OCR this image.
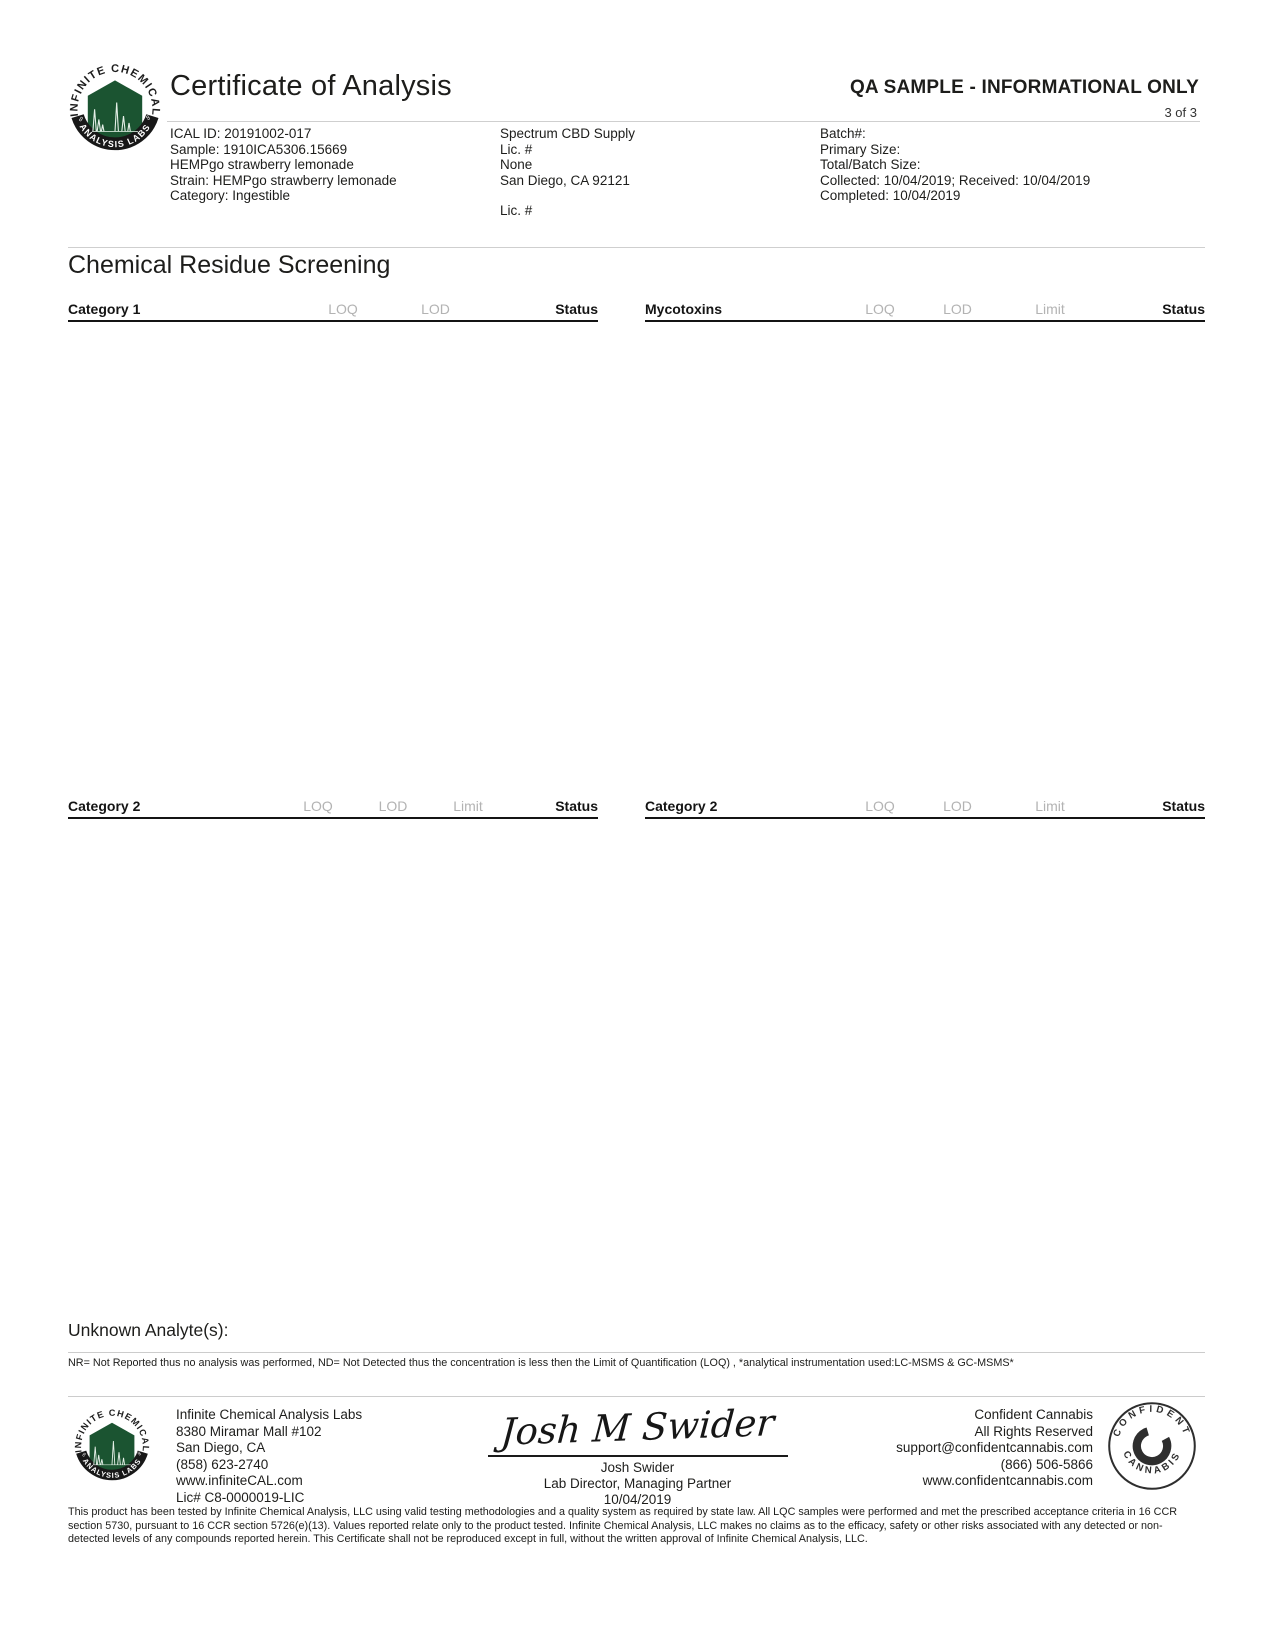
Certificate of Analysis	QA SAMPLE - INFORMATIONAL ONLY
3 of 3
ICAL ID: 20191002-017
Sample: 1910ICA5306.15669
HEMPgo strawberry lemonade
Strain: HEMPgo strawberry lemonade
Category: Ingestible
Spectrum CBD Supply
Lic. #
None
San Diego, CA 92121
Lic. #
Batch#:
Primary Size:
Total/Batch Size:
Collected: 10/04/2019; Received: 10/04/2019
Completed: 10/04/2019
Chemical Residue Screening
Category 1	LOQ	LOD	Status	Mycotoxins	LOQ	LOD	Limit	Status
Category 2	LOQ	LOD	Limit	Status	Category 2	LOQ	LOD	Limit	Status
Unknown Analyte(s):
NR= Not Reported thus no analysis was performed, ND= Not Detected thus the concentration is less then the Limit of Quantification (LOQ) , *analytical instrumentation used:LC-MSMS & GC-MSMS*
Infinite Chemical Analysis Labs
8380 Miramar Mall #102
San Diego, CA
(858) 623-2740
www.infiniteCAL.com
Lic# C8-0000019-LIC
Josh M Swider
Josh Swider
Lab Director, Managing Partner
10/04/2019
Confident Cannabis
All Rights Reserved
support@confidentcannabis.com
(866) 506-5866
www.confidentcannabis.com
This product has been tested by Infinite Chemical Analysis, LLC using valid testing methodologies and a quality system as required by state law. All LQC samples were performed and met the prescribed acceptance criteria in 16 CCR section 5730, pursuant to 16 CCR section 5726(e)(13). Values reported relate only to the product tested. Infinite Chemical Analysis, LLC makes no claims as to the efficacy, safety or other risks associated with any detected or non-detected levels of any compounds reported herein. This Certificate shall not be reproduced except in full, without the written approval of Infinite Chemical Analysis, LLC.
